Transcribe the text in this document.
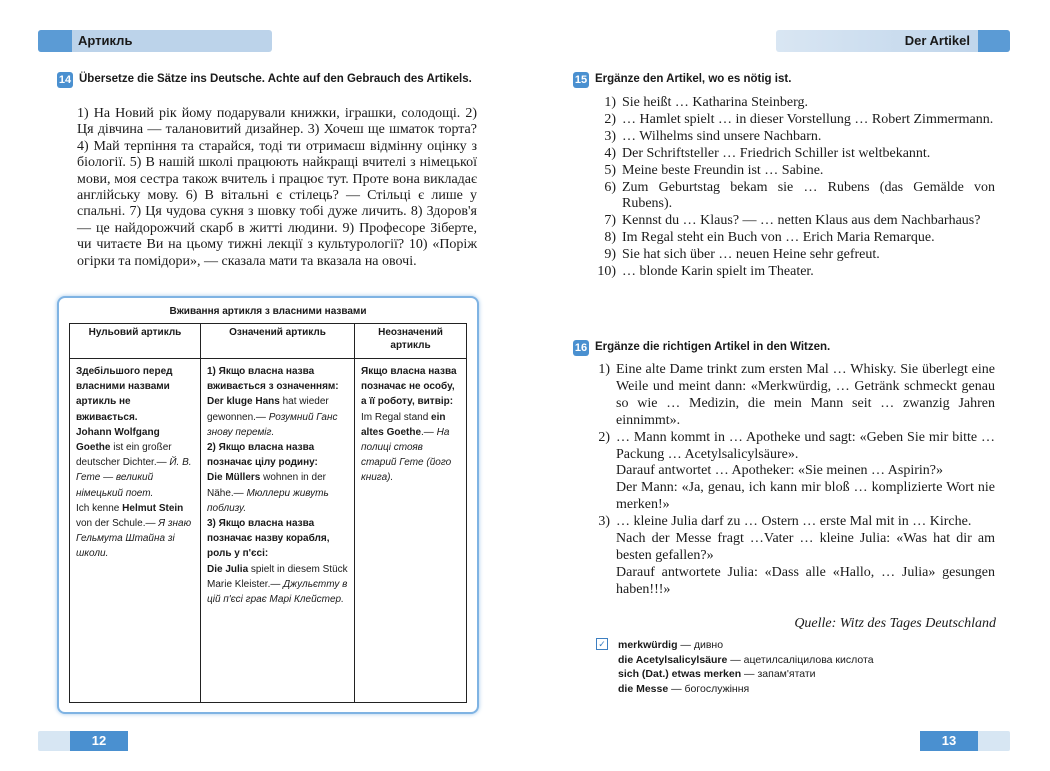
Артикль	Der Artikel
14 Übersetze die Sätze ins Deutsche. Achte auf den Gebrauch des Artikels.
1) На Новий рік йому подарували книжки, іграшки, солодощі. 2) Ця дівчина — талановитий дизайнер. 3) Хочеш ще шматок торта? 4) Май терпіння та старайся, тоді ти отримаєш відмінну оцінку з біології. 5) В нашій школі працюють найкращі вчителі з німецької мови, моя сестра також вчитель і працює тут. Проте вона викладає англійську мову. 6) В вітальні є стілець? — Стільці є лише у спальні. 7) Ця чудова сукня з шовку тобі дуже личить. 8) Здоров'я — це найдорожчий скарб в житті людини. 9) Професоре Зіберте, чи читаєте Ви на цьому тижні лекції з культурології? 10) «Поріж огірки та помідори», — сказала мати та вказала на овочі.
Вживання артикля з власними назвами
Нульовий артикль
Здебільшого перед власними назвами артикль не вживається.
Johann Wolfgang Goethe ist ein großer deutscher Dichter.— Й. В. Гете — великий німецький поет.
Ich kenne Helmut Stein von der Schule.— Я знаю Гельмута Штайна зі школи.
Означений артикль
1) Якщо власна назва вживається з означенням:
Der kluge Hans hat wieder gewonnen.— Розумний Ганс знову переміг.
2) Якщо власна назва позначає цілу родину:
Die Müllers wohnen in der Nähe.— Мюллери живуть поблизу.
3) Якщо власна назва позначає назву корабля, роль у п'єсі:
Die Julia spielt in diesem Stück Marie Kleister.— Джульєтту в цій п'єсі грає Марі Клейстер.
Неозначений артикль
Якщо власна назва позначає не особу, а її роботу, витвір:
Im Regal stand ein altes Goethe.— На полиці стояв старий Гете (його книга).
15 Ergänze den Artikel, wo es nötig ist.
1) Sie heißt … Katharina Steinberg.
2) … Hamlet spielt … in dieser Vorstellung … Robert Zimmermann.
3) … Wilhelms sind unsere Nachbarn.
4) Der Schriftsteller … Friedrich Schiller ist weltbekannt.
5) Meine beste Freundin ist … Sabine.
6) Zum Geburtstag bekam sie … Rubens (das Gemälde von Rubens).
7) Kennst du … Klaus? — … netten Klaus aus dem Nachbarhaus?
8) Im Regal steht ein Buch von … Erich Maria Remarque.
9) Sie hat sich über … neuen Heine sehr gefreut.
10) … blonde Karin spielt im Theater.
16 Ergänze die richtigen Artikel in den Witzen.
1) Eine alte Dame trinkt zum ersten Mal … Whisky. Sie überlegt eine Weile und meint dann: «Merkwürdig, … Getränk schmeckt genau so wie … Medizin, die mein Mann seit … zwanzig Jahren einnimmt».
2) … Mann kommt in … Apotheke und sagt: «Geben Sie mir bitte … Packung … Acetylsalicylsäure».
Darauf antwortet … Apotheker: «Sie meinen … Aspirin?»
Der Mann: «Ja, genau, ich kann mir bloß … komplizierte Wort nie merken!»
3) … kleine Julia darf zu … Ostern … erste Mal mit in … Kirche.
Nach der Messe fragt …Vater … kleine Julia: «Was hat dir am besten gefallen?»
Darauf antwortete Julia: «Dass alle «Hallo, … Julia» gesungen haben!!!»
Quelle: Witz des Tages Deutschland
✓ merkwürdig — дивно
die Acetylsalicylsäure — ацетилсаліцилова кислота
sich (Dat.) etwas merken — запам'ятати
die Messe — богослужіння
12	13
